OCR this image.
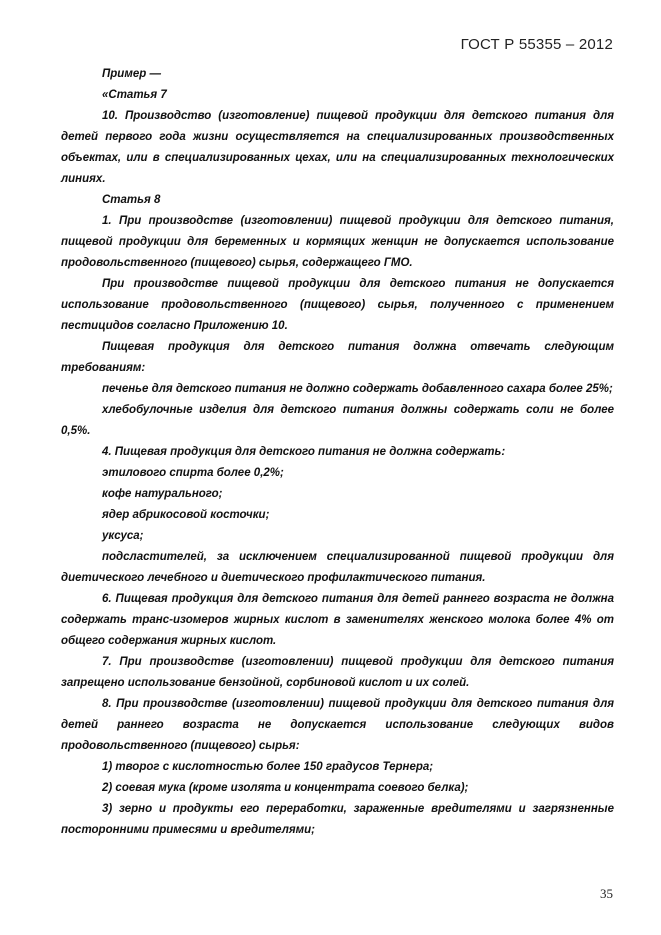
ГОСТ Р 55355 – 2012

Пример —

«Статья 7

10. Производство (изготовление) пищевой продукции для детского питания для детей первого года жизни осуществляется на специализированных производственных объектах, или в специализированных цехах, или на специализированных технологических линиях.

Статья 8

1. При производстве (изготовлении) пищевой продукции для детского питания, пищевой продукции для беременных и кормящих женщин не допускается использование продовольственного (пищевого) сырья, содержащего ГМО.

При производстве пищевой продукции для детского питания не допускается использование продовольственного (пищевого) сырья, полученного с применением пестицидов согласно Приложению 10.

Пищевая продукция для детского питания должна отвечать следующим требованиям:

печенье для детского питания не должно содержать добавленного сахара более 25%;

хлебобулочные изделия для детского питания должны содержать соли не более 0,5%.

4. Пищевая продукция для детского питания не должна содержать:

этилового спирта более 0,2%;

кофе натурального;

ядер абрикосовой косточки;

уксуса;

подсластителей, за исключением специализированной пищевой продукции для диетического лечебного и диетического профилактического питания.

6. Пищевая продукция для детского питания для детей раннего возраста не должна содержать транс-изомеров жирных кислот в заменителях женского молока более 4% от общего содержания жирных кислот.

7. При производстве (изготовлении) пищевой продукции для детского питания запрещено использование бензойной, сорбиновой кислот и их солей.

8. При производстве (изготовлении) пищевой продукции для детского питания для детей раннего возраста не допускается использование следующих видов продовольственного (пищевого) сырья:

1) творог с кислотностью более 150 градусов Тернера;

2) соевая мука (кроме изолята и концентрата соевого белка);

3) зерно и продукты его переработки, зараженные вредителями и загрязненные посторонними примесями и вредителями;

35
